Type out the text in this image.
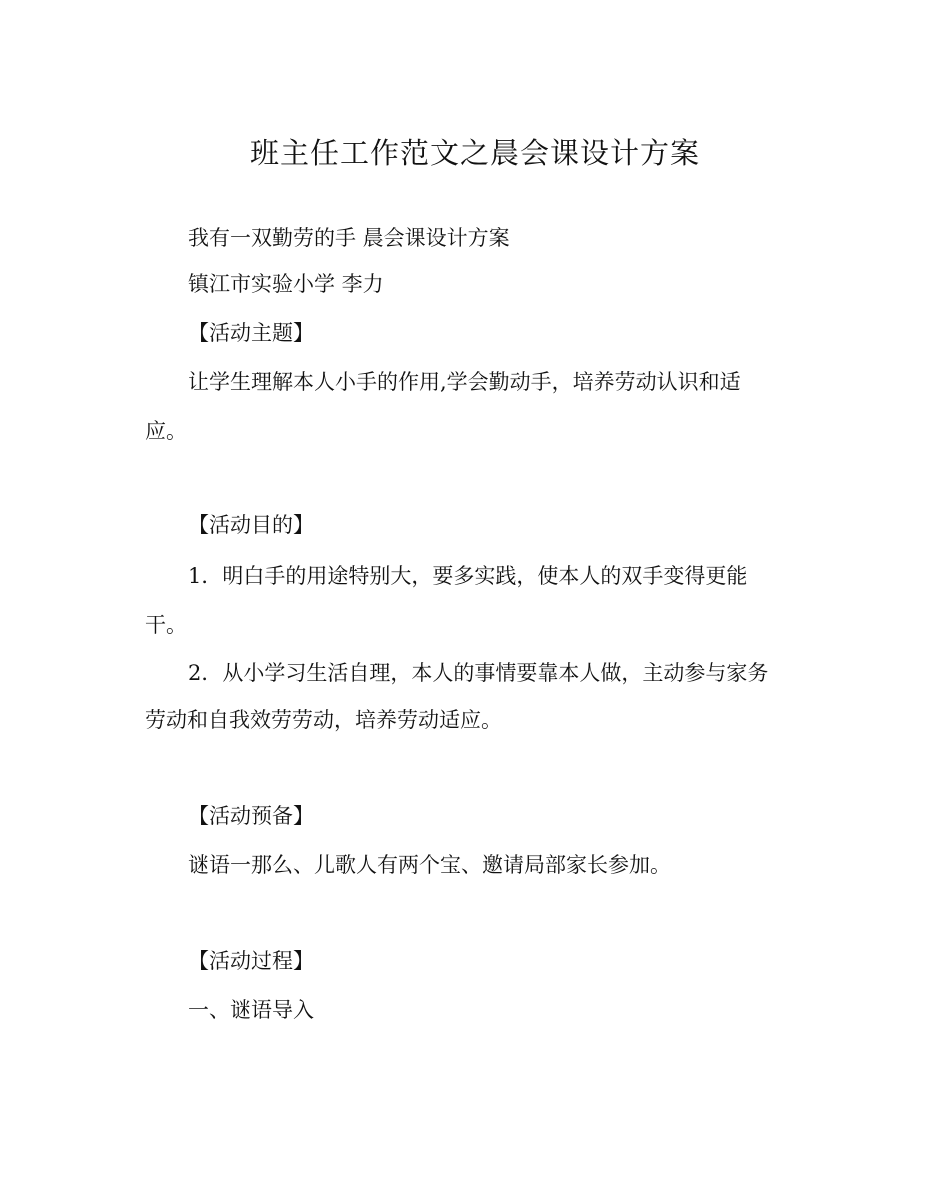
班主任工作范文之晨会课设计方案
我有一双勤劳的手 晨会课设计方案
镇江市实验小学 李力
【活动主题】
让学生理解本人小手的作用,学会勤动手，培养劳动认识和适
应。
【活动目的】
1．明白手的用途特别大，要多实践，使本人的双手变得更能
干。
2．从小学习生活自理，本人的事情要靠本人做，主动参与家务
劳动和自我效劳劳动，培养劳动适应。
【活动预备】
谜语一那么、儿歌人有两个宝、邀请局部家长参加。
【活动过程】
一、谜语导入
